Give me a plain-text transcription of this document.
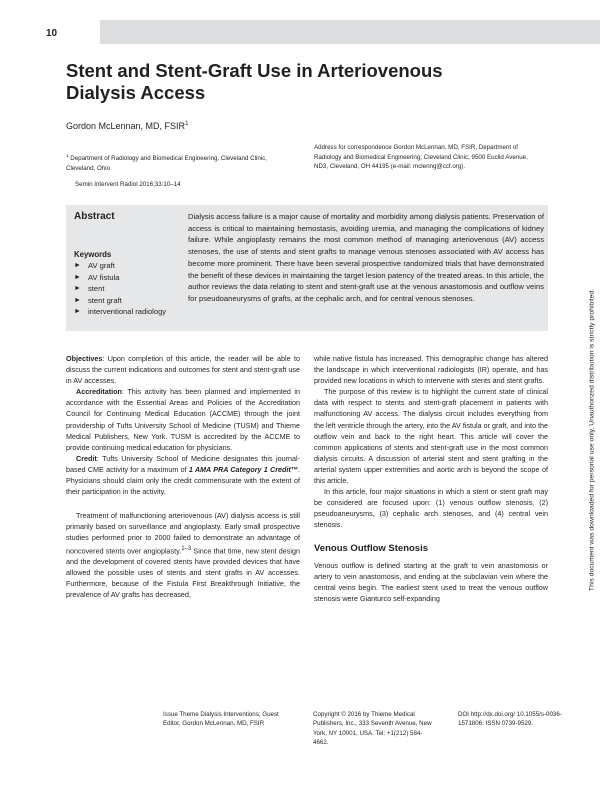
10
Stent and Stent-Graft Use in Arteriovenous Dialysis Access
Gordon McLennan, MD, FSIR$^1$
$^1$ Department of Radiology and Biomedical Engineering, Cleveland Clinic, Cleveland, Ohio
Semin Intervent Radiol 2016;33:10–14
Address for correspondence Gordon McLennan, MD, FSIR, Department of Radiology and Biomedical Engineering, Cleveland Clinic, 9500 Euclid Avenue, ND3, Cleveland, OH 44195 (e-mail: mclenng@ccf.org).
Abstract	Dialysis access failure is a major cause of mortality and morbidity among dialysis patients. Preservation of access is critical to maintaining hemostasis, avoiding uremia, and managing the complications of kidney failure. While angioplasty remains the most common method of managing arteriovenous (AV) access stenoses, the use of stents and stent grafts to manage venous stenoses associated with AV access has become more prominent. There have been several prospective randomized trials that have demonstrated the benefit of these devices in maintaining the target lesion patency of the treated areas. In this article, the author reviews the data relating to stent and stent-graft use at the venous anastomosis and outflow veins for pseudoaneurysms of grafts, at the cephalic arch, and for central venous stenoses.
Keywords
► AV graft
► AV fistula
► stent
► stent graft
► interventional radiology

Objectives: Upon completion of this article, the reader will be able to discuss the current indications and outcomes for stent and stent-graft use in AV accesses.

Accreditation: This activity has been planned and implemented in accordance with the Essential Areas and Policies of the Accreditation Council for Continuing Medical Education (ACCME) through the joint providership of Tufts University School of Medicine (TUSM) and Thieme Medical Publishers, New York. TUSM is accredited by the ACCME to provide continuing medical education for physicians.

Credit: Tufts University School of Medicine designates this journal-based CME activity for a maximum of 1 AMA PRA Category 1 Credit™. Physicians should claim only the credit commensurate with the extent of their participation in the activity.

Treatment of malfunctioning arteriovenous (AV) dialysis access is still primarily based on surveillance and angioplasty. Early small prospective studies performed prior to 2000 failed to demonstrate an advantage of noncovered stents over angioplasty.$^{1-3}$ Since that time, new stent design and the development of covered stents have provided devices that have allowed the possible uses of stents and stent grafts in AV accesses. Furthermore, because of the Fistula First Breakthrough Initiative, the prevalence of AV grafts has decreased,

while native fistula has increased. This demographic change has altered the landscape in which interventional radiologists (IR) operate, and has provided new locations in which to intervene with stents and stent grafts.

The purpose of this review is to highlight the current state of clinical data with respect to stents and stent-graft placement in patients with malfunctioning AV access. The dialysis circuit includes everything from the left ventricle through the artery, into the AV fistula or graft, and into the outflow vein and back to the right heart. This article will cover the common applications of stents and stent-graft use in the most common dialysis circuits. A discussion of arterial stent and stent grafting in the arterial system upper extremities and aortic arch is beyond the scope of this article.

In this article, four major situations in which a stent or stent graft may be considered are focused upon: (1) venous outflow stenosis, (2) pseudoaneurysms, (3) cephalic arch stenoses, and (4) central vein stenosis.

Venous Outflow Stenosis

Venous outflow is defined starting at the graft to vein anastomosis or artery to vein anastomosis, and ending at the subclavian vein where the central veins begin. The earliest stent used to treat the venous outflow stenosis were Gianturco self-expanding

Issue Theme Dialysis Interventions; Guest Editor, Gordon McLennan, MD, FSIR
Copyright © 2016 by Thieme Medical Publishers, Inc., 333 Seventh Avenue, New York, NY 10001, USA. Tel: +1(212) 584-4662.
DOI http://dx.doi.org/ 10.1055/s-0036-1571806. ISSN 0739-9529.
This document was downloaded for personal use only. Unauthorized distribution is strictly prohibited.
